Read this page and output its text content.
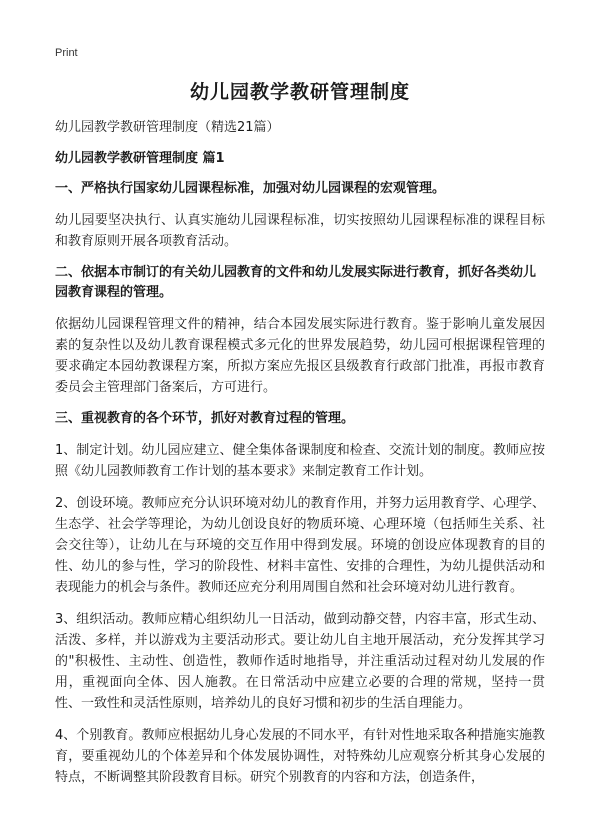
Print
幼儿园教学教研管理制度

幼儿园教学教研管理制度（精选21篇）

幼儿园教学教研管理制度 篇1

一、严格执行国家幼儿园课程标准，加强对幼儿园课程的宏观管理。

幼儿园要坚决执行、认真实施幼儿园课程标准，切实按照幼儿园课程标准的课程目标和教育原则开展各项教育活动。

二、依据本市制订的有关幼儿园教育的文件和幼儿发展实际进行教育，抓好各类幼儿园教育课程的管理。

依据幼儿园课程管理文件的精神，结合本园发展实际进行教育。鉴于影响儿童发展因素的复杂性以及幼儿教育课程模式多元化的世界发展趋势，幼儿园可根据课程管理的要求确定本园幼教课程方案，所拟方案应先报区县级教育行政部门批准，再报市教育委员会主管理部门备案后，方可进行。

三、重视教育的各个环节，抓好对教育过程的管理。

1、制定计划。幼儿园应建立、健全集体备课制度和检查、交流计划的制度。教师应按照《幼儿园教师教育工作计划的基本要求》来制定教育工作计划。

2、创设环境。教师应充分认识环境对幼儿的教育作用，并努力运用教育学、心理学、生态学、社会学等理论，为幼儿创设良好的物质环境、心理环境（包括师生关系、社会交往等），让幼儿在与环境的交互作用中得到发展。环境的创设应体现教育的目的性、幼儿的参与性，学习的阶段性、材料丰富性、安排的合理性，为幼儿提供活动和表现能力的机会与条件。教师还应充分利用周围自然和社会环境对幼儿进行教育。

3、组织活动。教师应精心组织幼儿一日活动，做到动静交替，内容丰富，形式生动、活泼、多样，并以游戏为主要活动形式。要让幼儿自主地开展活动，充分发挥其学习的"积极性、主动性、创造性，教师作适时地指导，并注重活动过程对幼儿发展的作用，重视面向全体、因人施教。在日常活动中应建立必要的合理的常规，坚持一贯性、一致性和灵活性原则，培养幼儿的良好习惯和初步的生活自理能力。

4、个别教育。教师应根据幼儿身心发展的不同水平，有针对性地采取各种措施实施教育，要重视幼儿的个体差异和个体发展协调性，对特殊幼儿应观察分析其身心发展的特点，不断调整其阶段教育目标。研究个别教育的内容和方法，创造条件，
